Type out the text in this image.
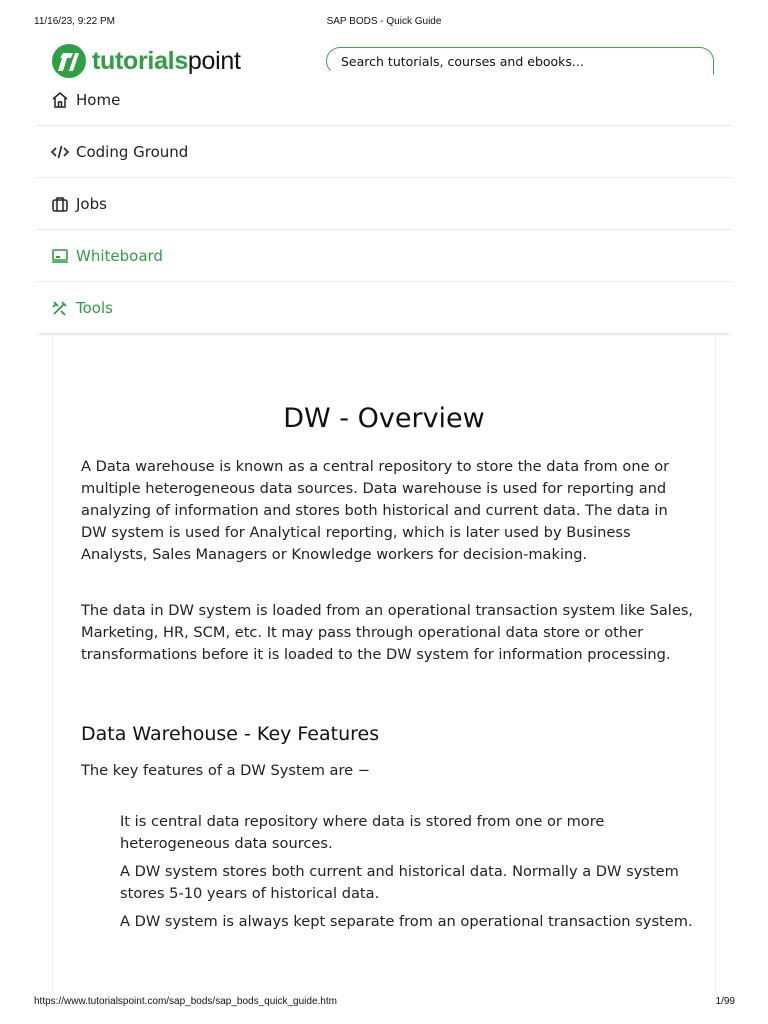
11/16/23, 9:22 PM	SAP BODS - Quick Guide
tutorialspoint
Search tutorials, courses and ebooks...
Home
Coding Ground
Jobs
Whiteboard
Tools
DW - Overview

A Data warehouse is known as a central repository to store the data from one or multiple heterogeneous data sources. Data warehouse is used for reporting and analyzing of information and stores both historical and current data. The data in DW system is used for Analytical reporting, which is later used by Business Analysts, Sales Managers or Knowledge workers for decision-making.

The data in DW system is loaded from an operational transaction system like Sales, Marketing, HR, SCM, etc. It may pass through operational data store or other transformations before it is loaded to the DW system for information processing.

Data Warehouse - Key Features

The key features of a DW System are −

It is central data repository where data is stored from one or more heterogeneous data sources.
A DW system stores both current and historical data. Normally a DW system stores 5-10 years of historical data.
A DW system is always kept separate from an operational transaction system.
https://www.tutorialspoint.com/sap_bods/sap_bods_quick_guide.htm	1/99
